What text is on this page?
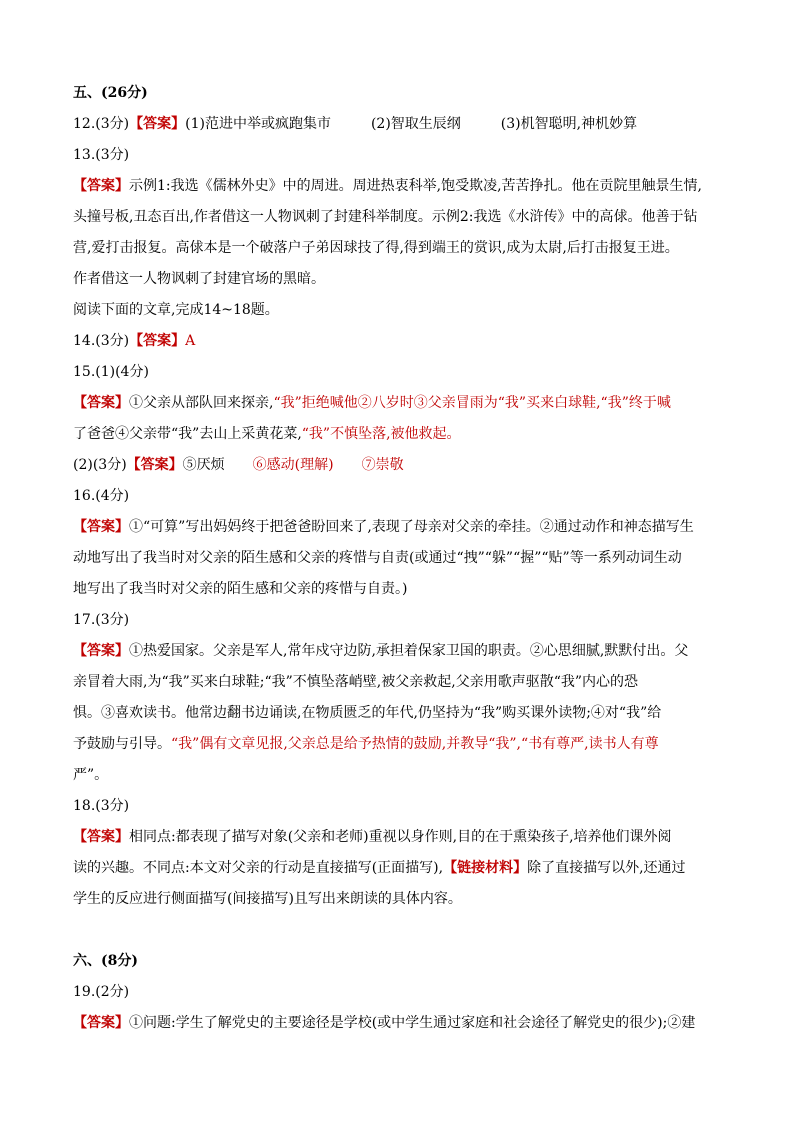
五、(26分)
12.(3分)【答案】(1)范进中举或疯跑集市	(2)智取生辰纲	(3)机智聪明,神机妙算
13.(3分)
【答案】示例1:我选《儒林外史》中的周进。周进热衷科举,饱受欺凌,苦苦挣扎。他在贡院里触景生情,
头撞号板,丑态百出,作者借这一人物讽刺了封建科举制度。示例2:我选《水浒传》中的高俅。他善于钻
营,爱打击报复。高俅本是一个破落户子弟因球技了得,得到端王的赏识,成为太尉,后打击报复王进。
作者借这一人物讽刺了封建官场的黑暗。
阅读下面的文章,完成14~18题。
14.(3分)【答案】A
15.(1)(4分)
【答案】①父亲从部队回来探亲,“我”拒绝喊他②八岁时③父亲冒雨为“我”买来白球鞋,“我”终于喊
了爸爸④父亲带“我”去山上采黄花菜,“我”不慎坠落,被他救起。
(2)(3分)【答案】⑤厌烦 ⑥感动(理解) ⑦崇敬
16.(4分)
【答案】①“可算”写出妈妈终于把爸爸盼回来了,表现了母亲对父亲的牵挂。②通过动作和神态描写生
动地写出了我当时对父亲的陌生感和父亲的疼惜与自责(或通过“拽”“躲”“握”“贴”等一系列动词生动
地写出了我当时对父亲的陌生感和父亲的疼惜与自责。)
17.(3分)
【答案】①热爱国家。父亲是军人,常年戍守边防,承担着保家卫国的职责。②心思细腻,默默付出。父
亲冒着大雨,为“我”买来白球鞋;“我”不慎坠落峭壁,被父亲救起,父亲用歌声驱散“我”内心的恐
惧。③喜欢读书。他常边翻书边诵读,在物质匮乏的年代,仍坚持为“我”购买课外读物;④对“我”给
予鼓励与引导。“我”偶有文章见报,父亲总是给予热情的鼓励,并教导“我”,“书有尊严,读书人有尊
严”。
18.(3分)
【答案】相同点:都表现了描写对象(父亲和老师)重视以身作则,目的在于熏染孩子,培养他们课外阅
读的兴趣。不同点:本文对父亲的行动是直接描写(正面描写),【链接材料】除了直接描写以外,还通过
学生的反应进行侧面描写(间接描写)且写出来朗读的具体内容。
六、(8分)
19.(2分)
【答案】①问题:学生了解党史的主要途径是学校(或中学生通过家庭和社会途径了解党史的很少);②建
